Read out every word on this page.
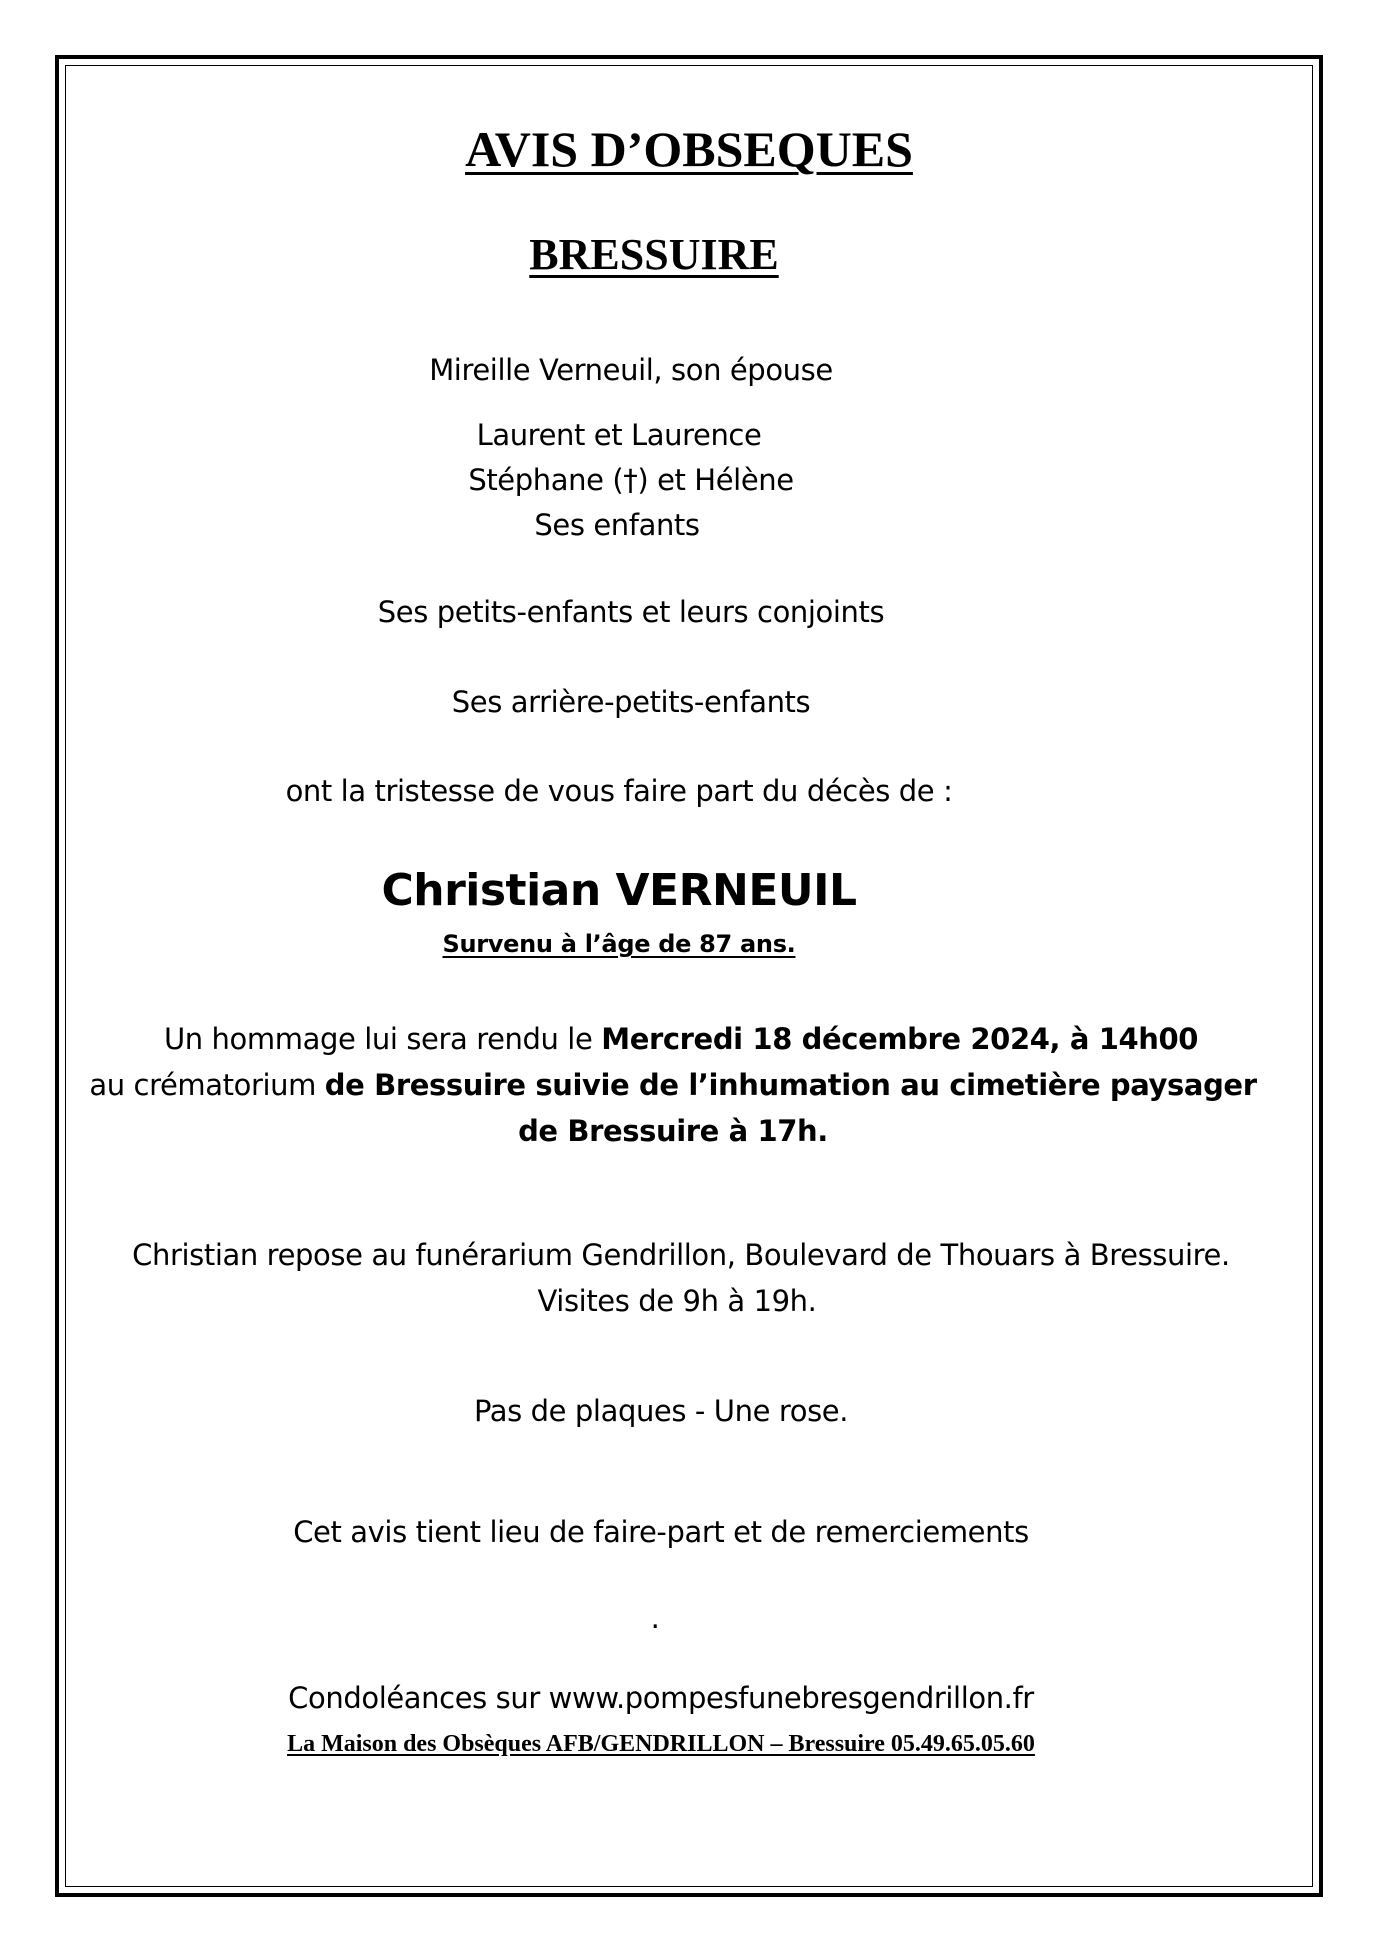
AVIS D’OBSEQUES
BRESSUIRE
Mireille Verneuil, son épouse
Laurent et Laurence
Stéphane (†) et Hélène
Ses enfants
Ses petits-enfants et leurs conjoints
Ses arrière-petits-enfants
ont la tristesse de vous faire part du décès de :
Christian VERNEUIL
Survenu à l’âge de 87 ans.
Un hommage lui sera rendu le Mercredi 18 décembre 2024, à 14h00
au crématorium de Bressuire suivie de l’inhumation au cimetière paysager
de Bressuire à 17h.
Christian repose au funérarium Gendrillon, Boulevard de Thouars à Bressuire.
Visites de 9h à 19h.
Pas de plaques - Une rose.
Cet avis tient lieu de faire-part et de remerciements
.
Condoléances sur www.pompesfunebresgendrillon.fr
La Maison des Obsèques AFB/GENDRILLON – Bressuire 05.49.65.05.60
